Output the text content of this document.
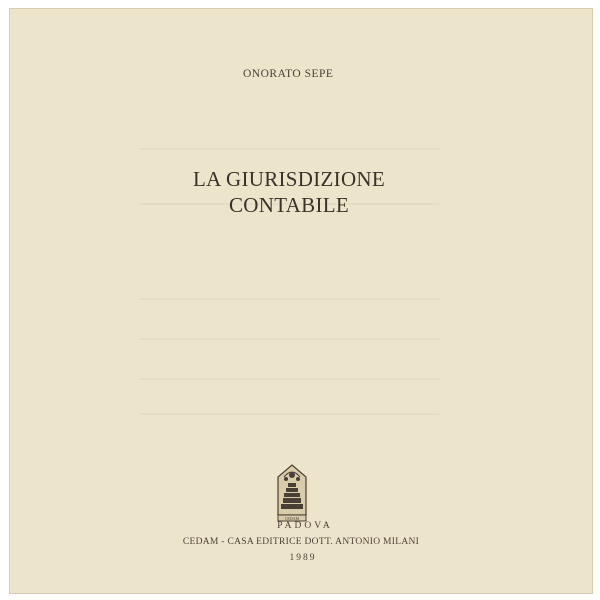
ONORATO SEPE
LA GIURISDIZIONE
CONTABILE
CEDAM
PADOVA
CEDAM - CASA EDITRICE DOTT. ANTONIO MILANI
1989
